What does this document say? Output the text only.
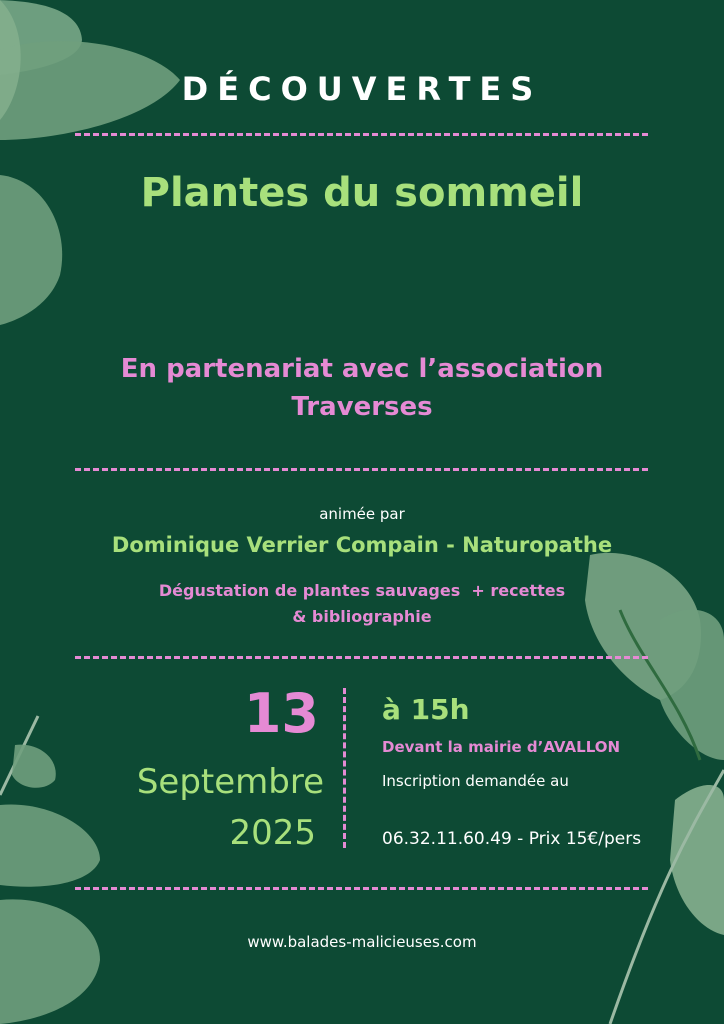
DÉCOUVERTES
Plantes du sommeil
En partenariat avec l’association
Traverses
animée par
Dominique Verrier Compain - Naturopathe
Dégustation de plantes sauvages  + recettes
& bibliographie
13
Septembre
2025
à 15h
Devant la mairie d’AVALLON
Inscription demandée au
06.32.11.60.49 - Prix 15€/pers
www.balades-malicieuses.com
